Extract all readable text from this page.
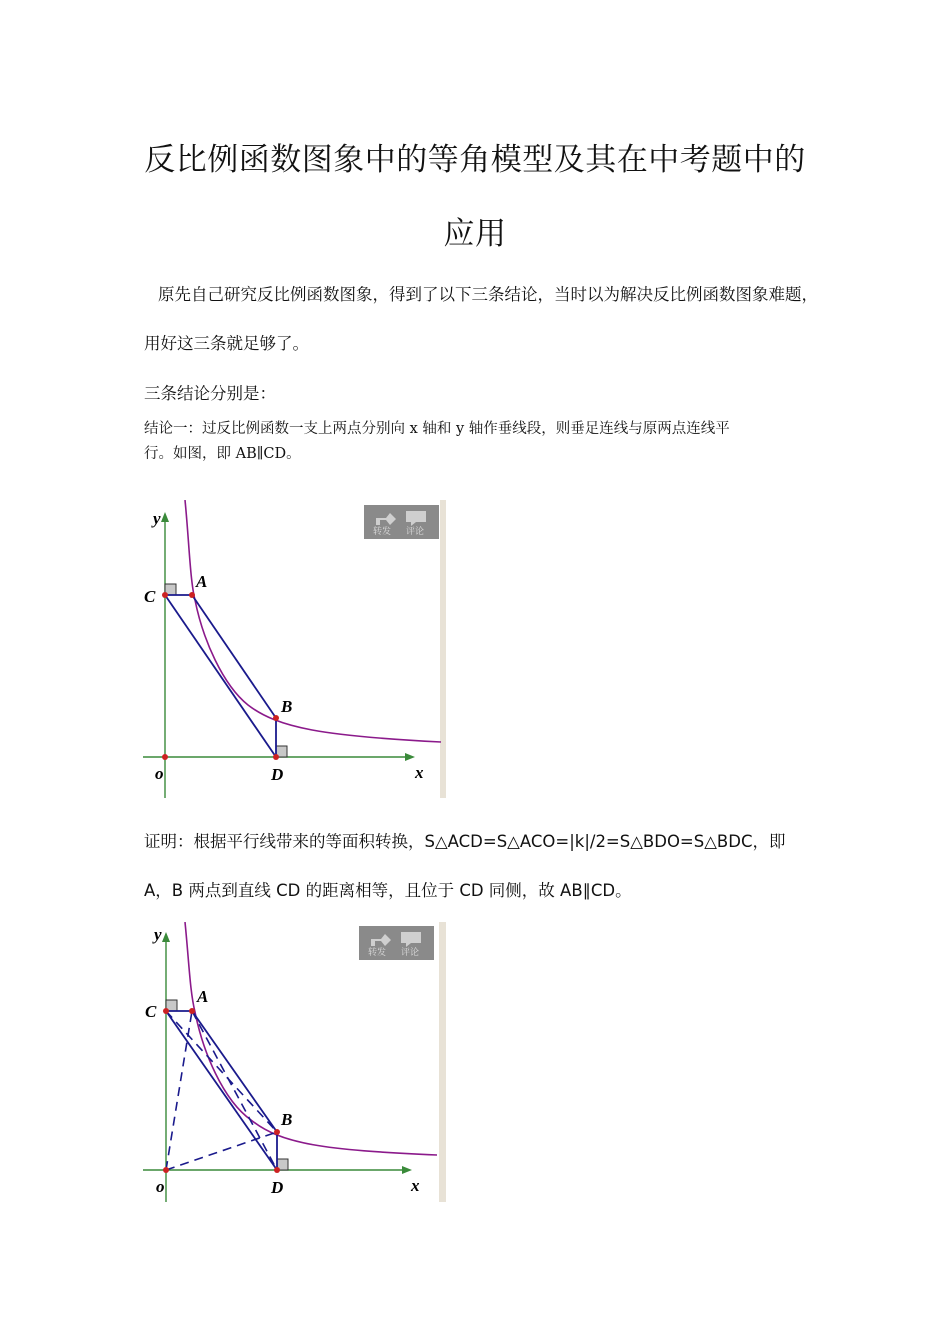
反比例函数图象中的等角模型及其在中考题中的
应用
原先自己研究反比例函数图象，得到了以下三条结论，当时以为解决反比例函数图象难题，
用好这三条就足够了。
三条结论分别是：
结论一：过反比例函数一支上两点分别向 x 轴和 y 轴作垂线段，则垂足连线与原两点连线平
行。如图，即 AB∥CD。
转发 评论
y
x
o
A
B
C
D
证明：根据平行线带来的等面积转换，S△ACD=S△ACO=|k|/2=S△BDO=S△BDC，即
A，B 两点到直线 CD 的距离相等，且位于 CD 同侧，故 AB∥CD。
转发 评论
y
x
o
A
B
C
D
